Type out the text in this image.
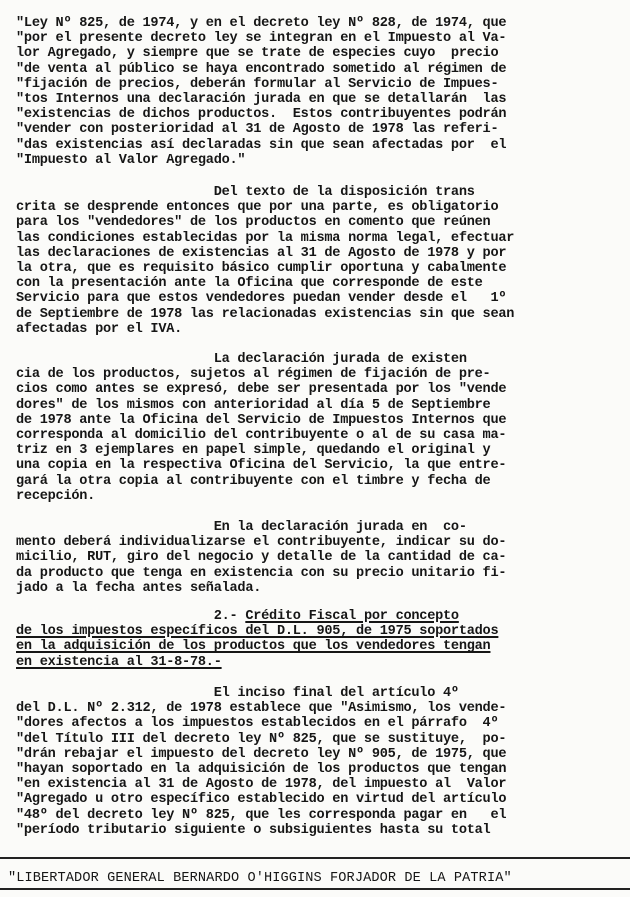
"Ley Nº 825, de 1974, y en el decreto ley Nº 828, de 1974, que
"por el presente decreto ley se integran en el Impuesto al Va-
lor Agregado, y siempre que se trate de especies cuyo  precio
"de venta al público se haya encontrado sometido al régimen de
"fijación de precios, deberán formular al Servicio de Impues-
"tos Internos una declaración jurada en que se detallarán  las
"existencias de dichos productos.  Estos contribuyentes podrán
"vender con posterioridad al 31 de Agosto de 1978 las referi-
"das existencias así declaradas sin que sean afectadas por  el
"Impuesto al Valor Agregado."
Del texto de la disposición trans
crita se desprende entonces que por una parte, es obligatorio
para los "vendedores" de los productos en comento que reúnen
las condiciones establecidas por la misma norma legal, efectuar
las declaraciones de existencias al 31 de Agosto de 1978 y por
la otra, que es requisito básico cumplir oportuna y cabalmente
con la presentación ante la Oficina que corresponde de este
Servicio para que estos vendedores puedan vender desde el   1º
de Septiembre de 1978 las relacionadas existencias sin que sean
afectadas por el IVA.
La declaración jurada de existen
cia de los productos, sujetos al régimen de fijación de pre-
cios como antes se expresó, debe ser presentada por los "vende
dores" de los mismos con anterioridad al día 5 de Septiembre
de 1978 ante la Oficina del Servicio de Impuestos Internos que
corresponda al domicilio del contribuyente o al de su casa ma-
triz en 3 ejemplares en papel simple, quedando el original y
una copia en la respectiva Oficina del Servicio, la que entre-
gará la otra copia al contribuyente con el timbre y fecha de
recepción.
En la declaración jurada en  co-
mento deberá individualizarse el contribuyente, indicar su do-
micilio, RUT, giro del negocio y detalle de la cantidad de ca-
da producto que tenga en existencia con su precio unitario fi-
jado a la fecha antes señalada.
2.- Crédito Fiscal por concepto
de los impuestos específicos del D.L. 905, de 1975 soportados
en la adquisición de los productos que los vendedores tengan
en existencia al 31-8-78.-
El inciso final del artículo 4º
del D.L. Nº 2.312, de 1978 establece que "Asimismo, los vende-
"dores afectos a los impuestos establecidos en el párrafo  4º
"del Título III del decreto ley Nº 825, que se sustituye,  po-
"drán rebajar el impuesto del decreto ley Nº 905, de 1975, que
"hayan soportado en la adquisición de los productos que tengan
"en existencia al 31 de Agosto de 1978, del impuesto al  Valor
"Agregado u otro específico establecido en virtud del artículo
"48º del decreto ley Nº 825, que les corresponda pagar en   el
"período tributario siguiente o subsiguientes hasta su total
"LIBERTADOR GENERAL BERNARDO O'HIGGINS FORJADOR DE LA PATRIA"
